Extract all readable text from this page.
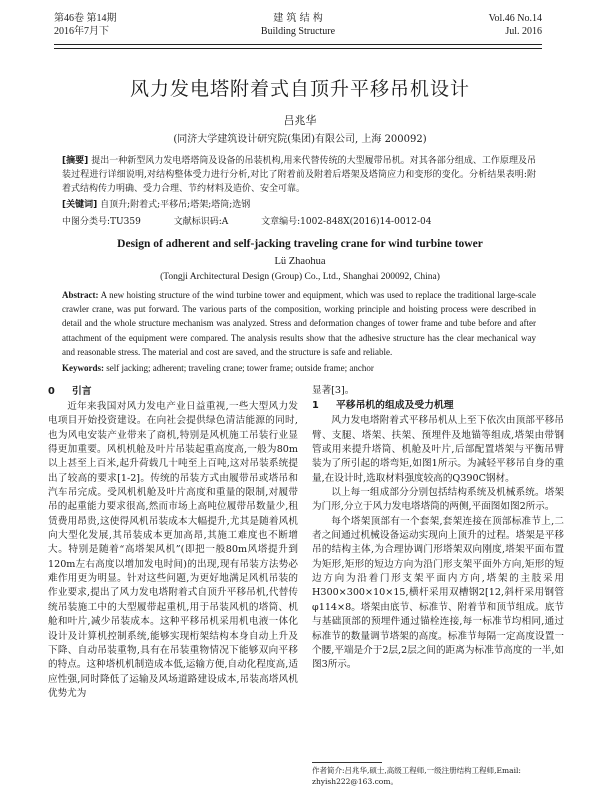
第46卷 第14期
2016年7月下
建 筑 结 构
Building Structure
Vol.46 No.14
Jul. 2016
风力发电塔附着式自顶升平移吊机设计
吕兆华
(同济大学建筑设计研究院(集团)有限公司, 上海 200092)
[摘要] 提出一种新型风力发电塔塔筒及设备的吊装机构,用来代替传统的大型履带吊机。对其各部分组成、工作原理及吊装过程进行详细说明,对结构整体受力进行分析,对比了附着前及附着后塔架及塔筒应力和变形的变化。分析结果表明:附着式结构传力明确、受力合理、节约材料及造价、安全可靠。
[关键词] 自顶升;附着式;平移吊;塔架;塔筒;选钢
中图分类号:TU359	文献标识码:A	文章编号:1002-848X(2016)14-0012-04
Design of adherent and self-jacking traveling crane for wind turbine tower
Lü Zhaohua
(Tongji Architectural Design (Group) Co., Ltd., Shanghai 200092, China)
Abstract: A new hoisting structure of the wind turbine tower and equipment, which was used to replace the traditional large-scale crawler crane, was put forward. The various parts of the composition, working principle and hoisting process were described in detail and the whole structure mechanism was analyzed. Stress and deformation changes of tower frame and tube before and after attachment of the equipment were compared. The analysis results show that the adhesive structure has the clear mechanical way and reasonable stress. The material and cost are saved, and the structure is safe and reliable.
Keywords: self jacking; adherent; traveling crane; tower frame; outside frame; anchor
0 引言

近年来我国对风力发电产业日益重视,一些大型风力发电项目开始投资建设。在向社会提供绿色清洁能源的同时,也为风电安装产业带来了商机,特别是风机施工吊装行业显得更加重要。风机机舱及叶片吊装起重高度高,一般为80m以上甚至上百米,起升荷载几十吨至上百吨,这对吊装系统提出了较高的要求[1-2]。传统的吊装方式由履带吊或塔吊和汽车吊完成。受风机机舱及叶片高度和重量的限制,对履带吊的起重能力要求很高,然而市场上高吨位履带吊数量少,租赁费用昂贵,这使得风机吊装成本大幅提升,尤其是随着风机向大型化发展,其吊装成本更加高昂,其施工难度也不断增大。特别是随着“高塔架风机”(即把一般80m风塔提升到120m左右高度以增加发电时间)的出现,现有吊装方法势必难作用更为明显。针对这些问题,为更好地满足风机吊装的作业要求,提出了风力发电塔附着式自顶升平移吊机,代替传统吊装施工中的大型履带起重机,用于吊装风机的塔筒、机舱和叶片,减少吊装成本。这种平移吊机采用机电液一体化设计及计算机控制系统,能够实现桁架结构本身自动上升及下降、自动吊装重物,具有在吊装重物情况下能够双向平移的特点。这种塔机机制造成本低,运输方便,自动化程度高,适应性强,同时降低了运输及风场道路建设成本,吊装高塔风机优势尤为

显著[3]。

1 平移吊机的组成及受力机理

风力发电塔附着式平移吊机从上至下依次由顶部平移吊臂、支腿、塔架、扶架、预埋件及地锚等组成,塔架由带钢管或用来提升塔筒、机舱及叶片,后部配置塔架与平衡吊臂装为了所引起的塔弯矩,如图1所示。为减轻平移吊自身的重量,在设计时,选取材料强度较高的Q390C钢材。

以上每一组成部分分别包括结构系统及机械系统。塔架为门形,分立于风力发电塔塔筒的两侧,平面图如图2所示。

每个塔架顶部有一个套架,套架连接在顶部标准节上,二者之间通过机械设备运动实现向上顶升的过程。塔架是平移吊的结构主体,为合理协调门形塔架双向刚度,塔架平面布置为矩形,矩形的短边方向为沿门形支架平面外方向,矩形的短边方向为沿着门形支架平面内方向,塔架的主肢采用H300×300×10×15,横杆采用双槽钢2[12,斜杆采用钢管φ114×8。塔架由底节、标准节、附着节和顶节组成。底节与基础顶部的预埋件通过锚栓连接,每一标准节均相同,通过标准节的数量调节塔架的高度。标准节每隔一定高度设置一个腰,平端是介于2层,2层之间的距离为标准节高度的一半,如图3所示。

作者简介:吕兆华,硕士,高级工程师,一级注册结构工程师,Email: zhyish222@163.com。
